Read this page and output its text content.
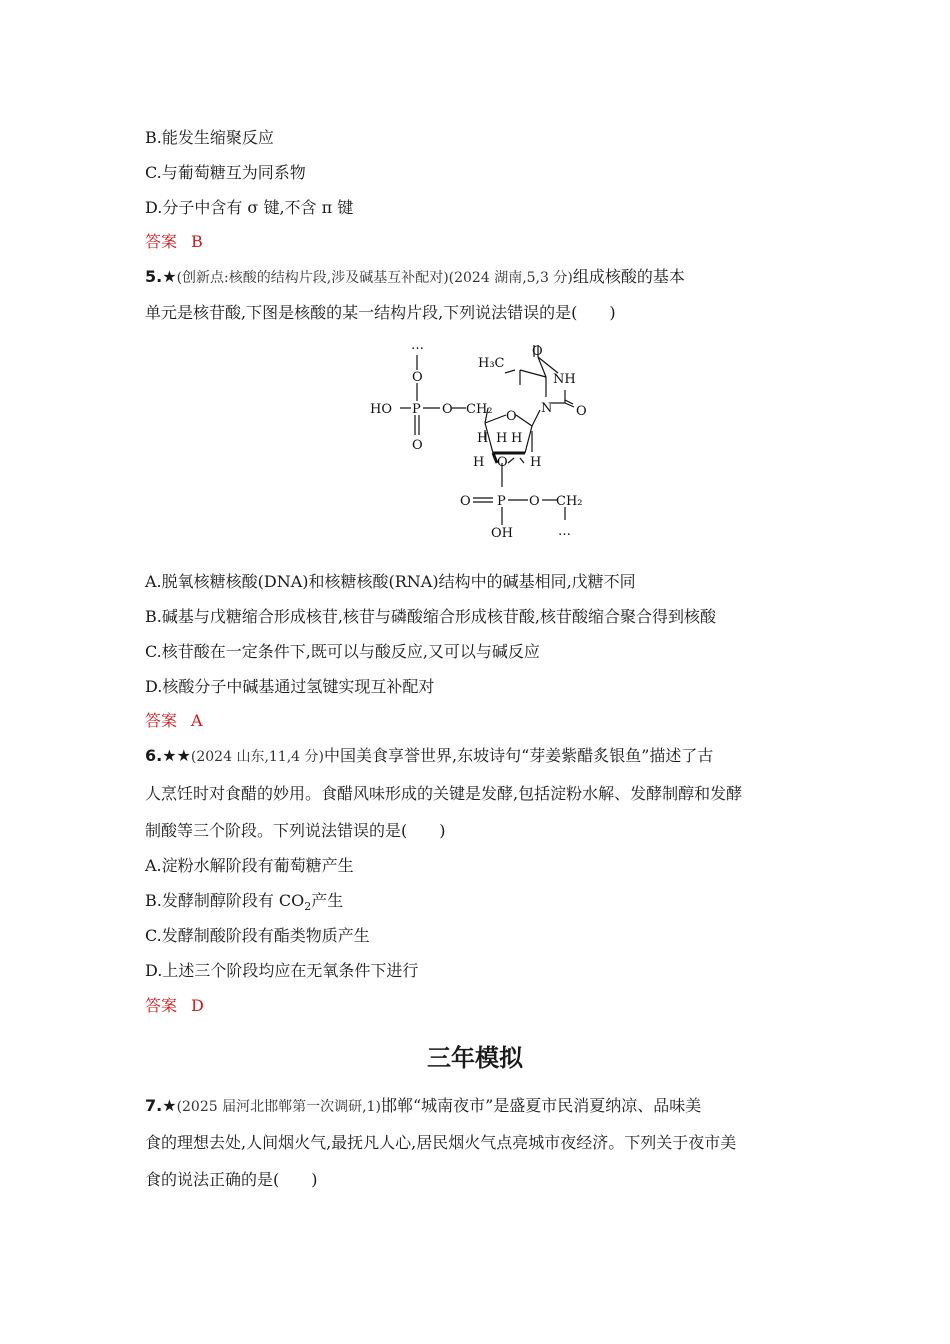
B.能发生缩聚反应
C.与葡萄糖互为同系物
D.分子中含有 σ 键,不含 π 键
答案 B
5.★(创新点:核酸的结构片段,涉及碱基互补配对)(2024 湖南,5,3 分)组成核酸的基本
单元是核苷酸,下图是核酸的某一结构片段,下列说法错误的是(　　)
…
O
HO P
O
O CH₂ O
H₃C
O
NH
N O
H H H
H O H
O P O CH₂
OH	…
A.脱氧核糖核酸(DNA)和核糖核酸(RNA)结构中的碱基相同,戊糖不同
B.碱基与戊糖缩合形成核苷,核苷与磷酸缩合形成核苷酸,核苷酸缩合聚合得到核酸
C.核苷酸在一定条件下,既可以与酸反应,又可以与碱反应
D.核酸分子中碱基通过氢键实现互补配对
答案 A
6.★★(2024 山东,11,4 分)中国美食享誉世界,东坡诗句“芽姜紫醋炙银鱼”描述了古
人烹饪时对食醋的妙用。食醋风味形成的关键是发酵,包括淀粉水解、发酵制醇和发酵
制酸等三个阶段。下列说法错误的是(　　)
A.淀粉水解阶段有葡萄糖产生
B.发酵制醇阶段有 $CO_2$产生
C.发酵制酸阶段有酯类物质产生
D.上述三个阶段均应在无氧条件下进行
答案 D
三年模拟
7.★(2025 届河北邯郸第一次调研,1)邯郸“城南夜市”是盛夏市民消夏纳凉、品味美
食的理想去处,人间烟火气,最抚凡人心,居民烟火气点亮城市夜经济。下列关于夜市美
食的说法正确的是(　　)
